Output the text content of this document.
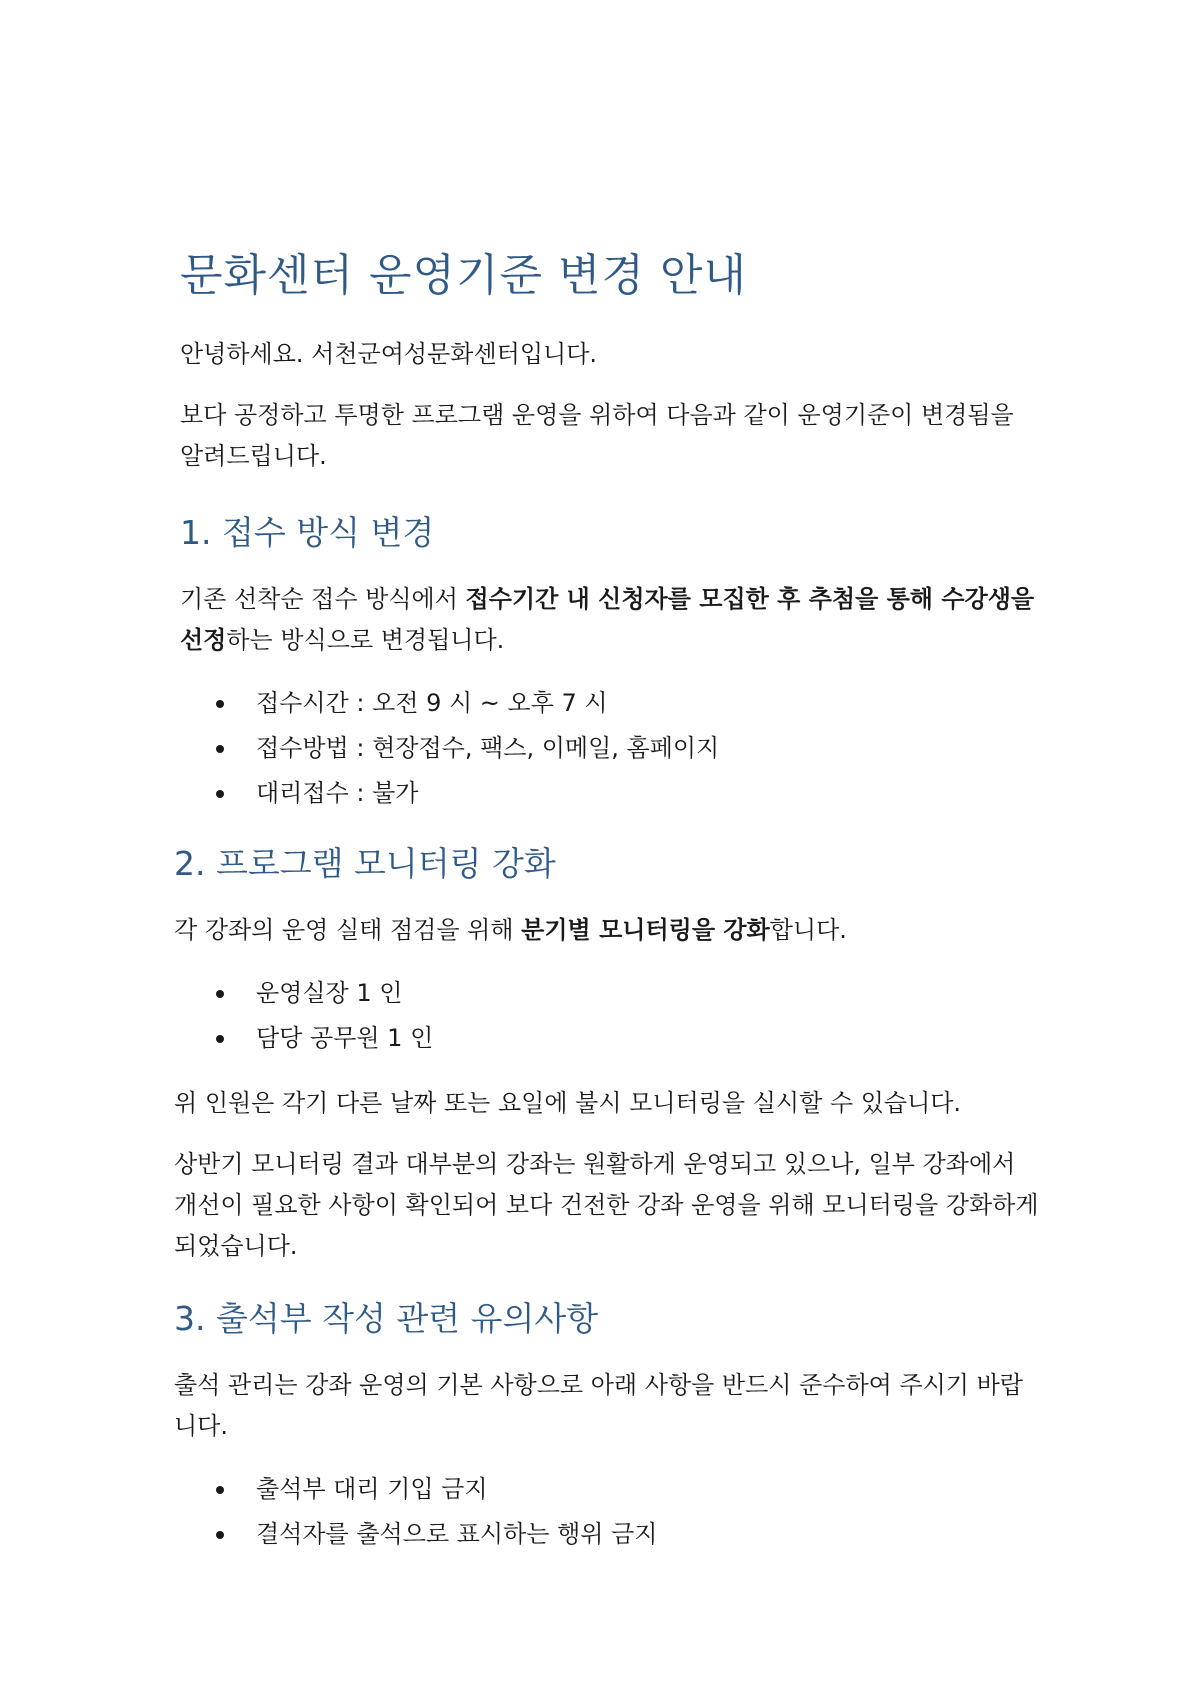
문화센터 운영기준 변경 안내

안녕하세요. 서천군여성문화센터입니다.

보다 공정하고 투명한 프로그램 운영을 위하여 다음과 같이 운영기준이 변경됨을 알려드립니다.

1. 접수 방식 변경

기존 선착순 접수 방식에서 접수기간 내 신청자를 모집한 후 추첨을 통해 수강생을 선정하는 방식으로 변경됩니다.

접수시간 : 오전 9 시 ~ 오후 7 시
접수방법 : 현장접수, 팩스, 이메일, 홈페이지
대리접수 : 불가
2. 프로그램 모니터링 강화

각 강좌의 운영 실태 점검을 위해 분기별 모니터링을 강화합니다.

운영실장 1 인
담당 공무원 1 인

위 인원은 각기 다른 날짜 또는 요일에 불시 모니터링을 실시할 수 있습니다.

상반기 모니터링 결과 대부분의 강좌는 원활하게 운영되고 있으나, 일부 강좌에서 개선이 필요한 사항이 확인되어 보다 건전한 강좌 운영을 위해 모니터링을 강화하게 되었습니다.

3. 출석부 작성 관련 유의사항

출석 관리는 강좌 운영의 기본 사항으로 아래 사항을 반드시 준수하여 주시기 바랍니다.

출석부 대리 기입 금지
결석자를 출석으로 표시하는 행위 금지
